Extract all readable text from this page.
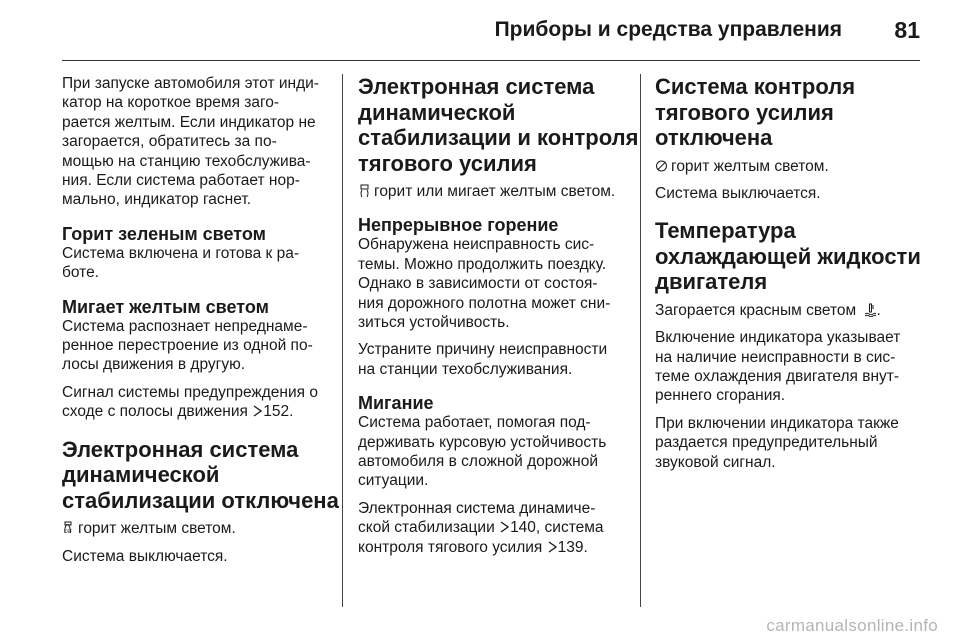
Приборы и средства управления 81

При запуске автомобиля этот инди-
катор на короткое время заго-
рается желтым. Если индикатор не
загорается, обратитесь за по-
мощью на станцию техобслужива-
ния. Если система работает нор-
мально, индикатор гаснет.

Горит зеленым светом

Система включена и готова к ра-
боте.

Мигает желтым светом

Система распознает непреднаме-
ренное перестроение из одной по-
лосы движения в другую.

Сигнал системы предупреждения о
сходе с полосы движения 152.

Электронная система
динамической
стабилизации отключена

OFF горит желтым светом.

Система выключается.

Электронная система
динамической
стабилизации и контроля
тягового усилия

горит или мигает желтым светом.

Непрерывное горение

Обнаружена неисправность сис-
темы. Можно продолжить поездку.
Однако в зависимости от состоя-
ния дорожного полотна может сни-
зиться устойчивость.

Устраните причину неисправности
на станции техобслуживания.

Мигание

Система работает, помогая под-
держивать курсовую устойчивость
автомобиля в сложной дорожной
ситуации.

Электронная система динамиче-
ской стабилизации 140, система
контроля тягового усилия 139.

Система контроля
тягового усилия
отключена

горит желтым светом.

Система выключается.

Температура
охлаждающей жидкости
двигателя

Загорается красным светом .

Включение индикатора указывает
на наличие неисправности в сис-
теме охлаждения двигателя внут-
реннего сгорания.

При включении индикатора также
раздается предупредительный
звуковой сигнал.

carmanualsonline.info
